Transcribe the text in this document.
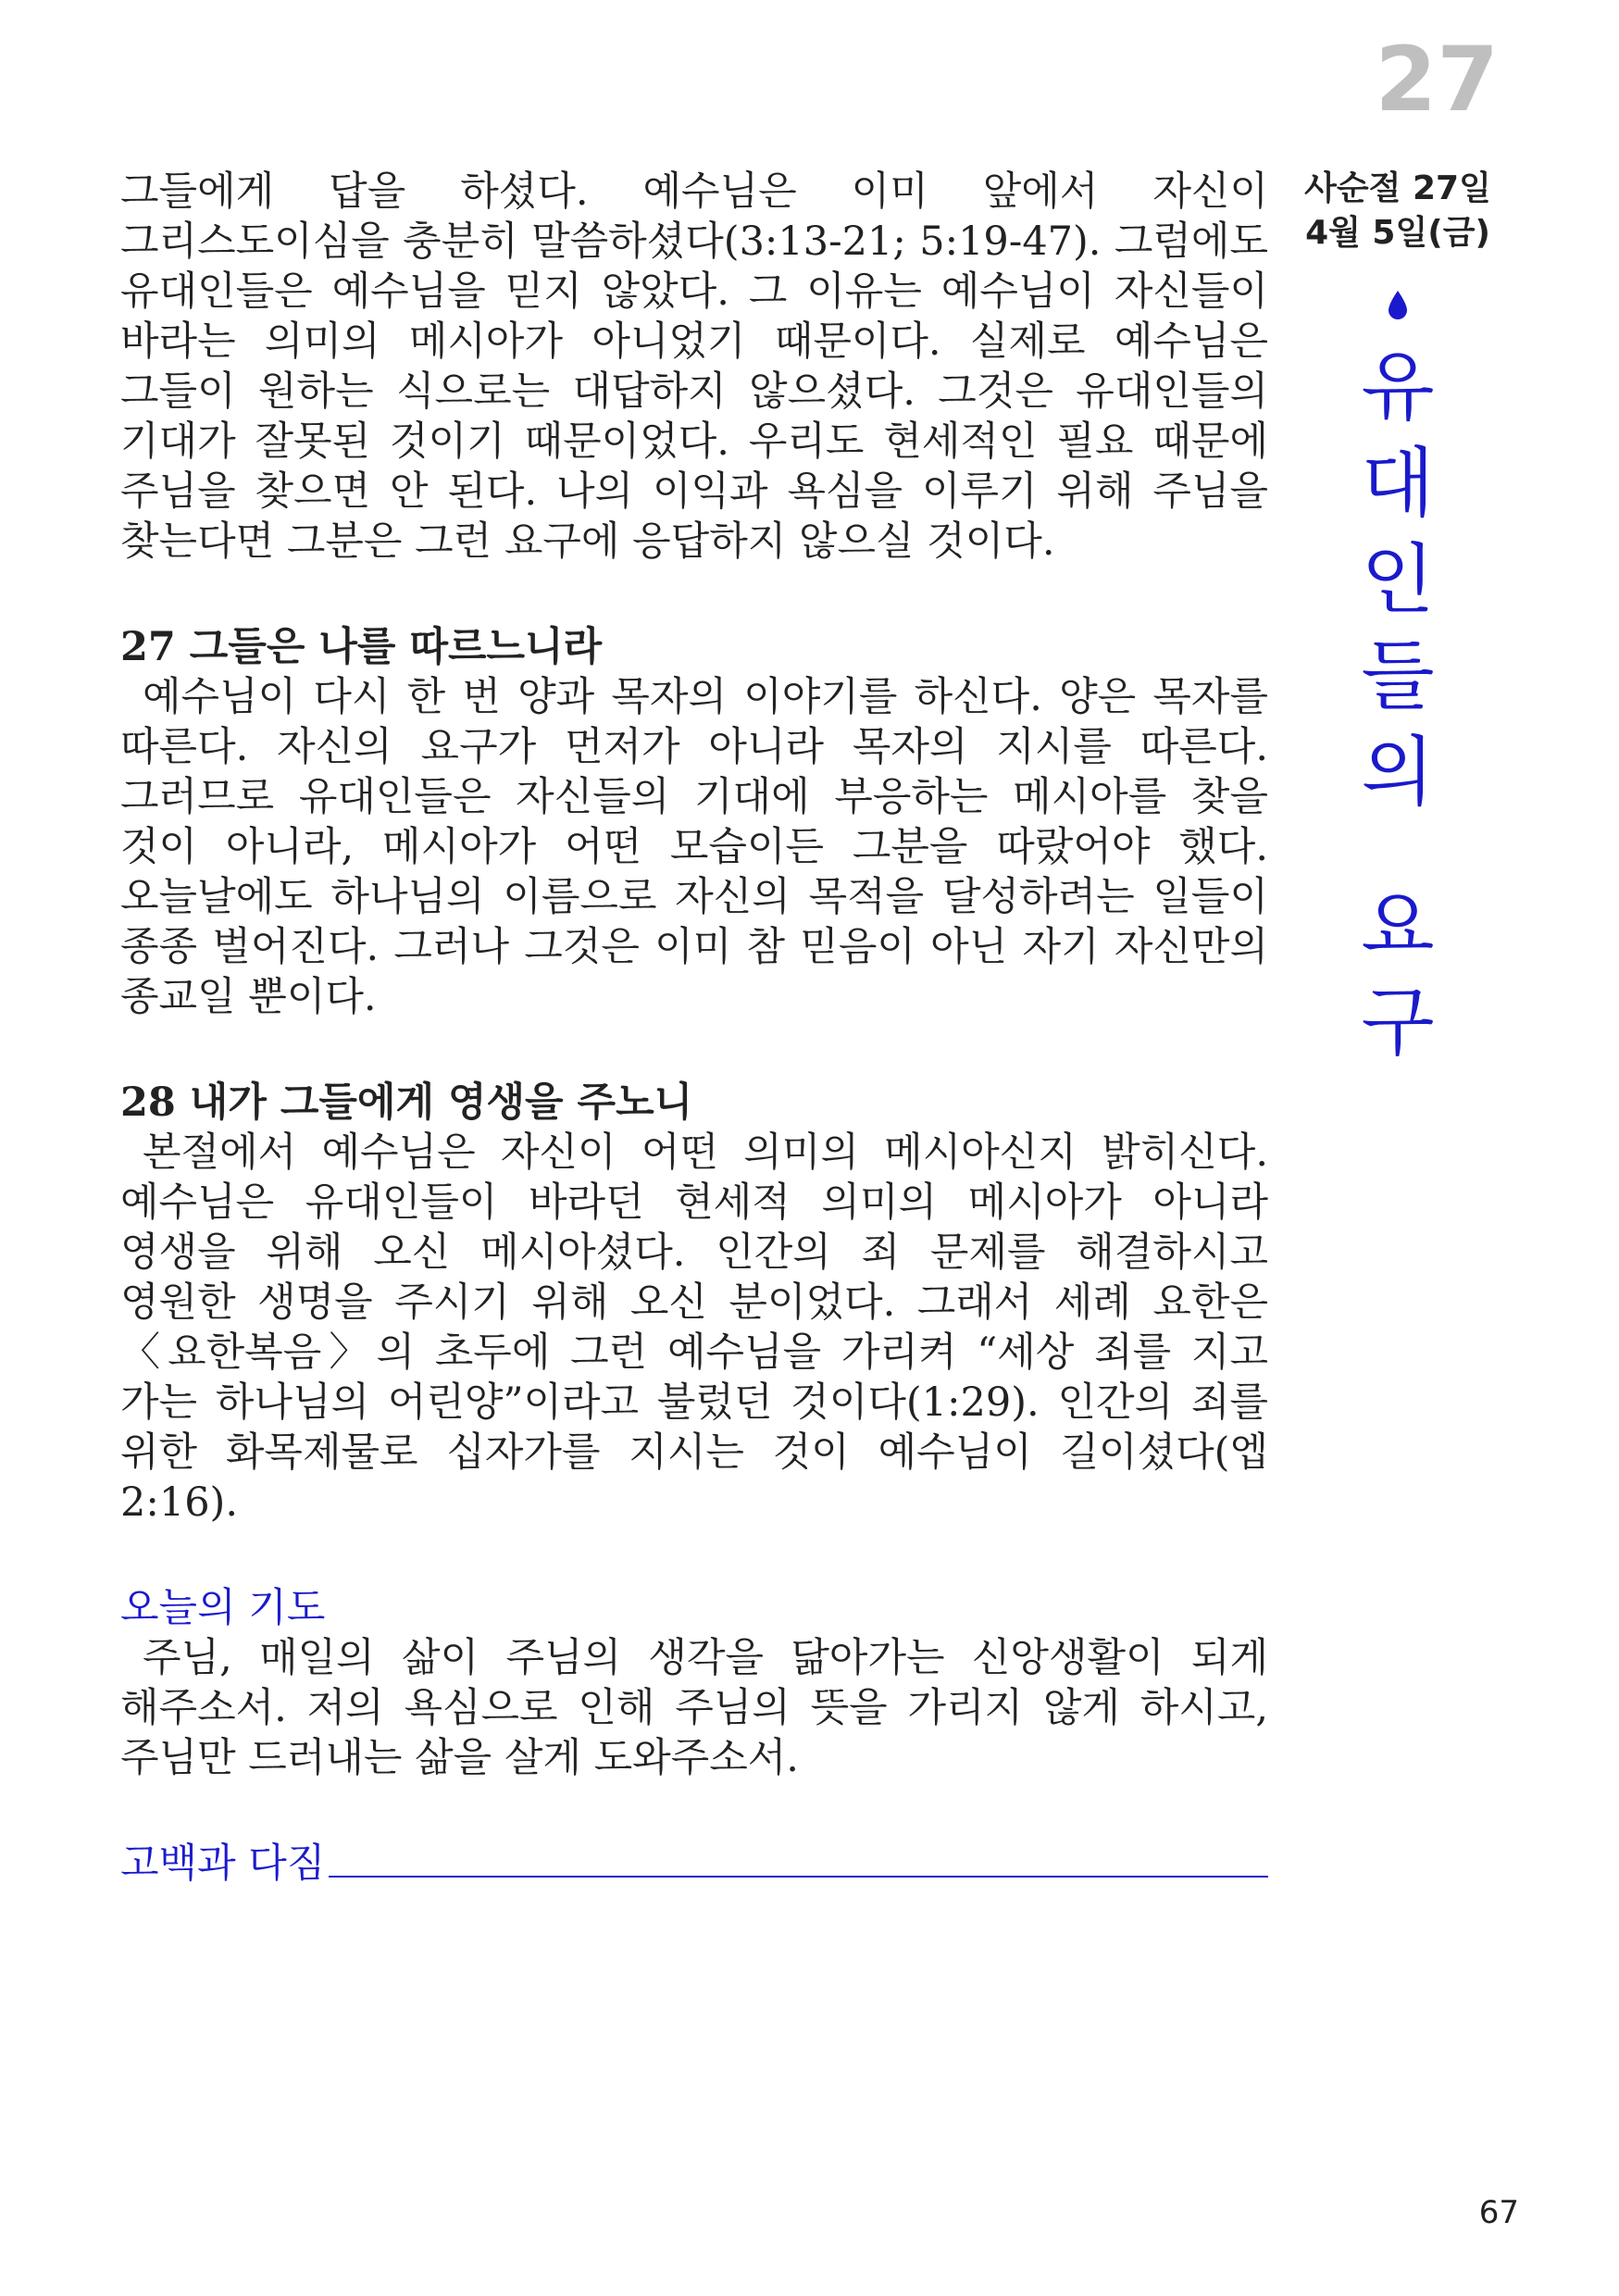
27

그들에게 답을 하셨다. 예수님은 이미 앞에서 자신이 그리스도이심을 충분히 말씀하셨다(3:13-21; 5:19-47). 그럼에도 유대인들은 예수님을 믿지 않았다. 그 이유는 예수님이 자신들이 바라는 의미의 메시아가 아니었기 때문이다. 실제로 예수님은 그들이 원하는 식으로는 대답하지 않으셨다. 그것은 유대인들의 기대가 잘못된 것이기 때문이었다. 우리도 현세적인 필요 때문에 주님을 찾으면 안 된다. 나의 이익과 욕심을 이루기 위해 주님을 찾는다면 그분은 그런 요구에 응답하지 않으실 것이다.

27 그들은 나를 따르느니라

예수님이 다시 한 번 양과 목자의 이야기를 하신다. 양은 목자를 따른다. 자신의 요구가 먼저가 아니라 목자의 지시를 따른다. 그러므로 유대인들은 자신들의 기대에 부응하는 메시아를 찾을 것이 아니라, 메시아가 어떤 모습이든 그분을 따랐어야 했다. 오늘날에도 하나님의 이름으로 자신의 목적을 달성하려는 일들이 종종 벌어진다. 그러나 그것은 이미 참 믿음이 아닌 자기 자신만의 종교일 뿐이다.

28 내가 그들에게 영생을 주노니

본절에서 예수님은 자신이 어떤 의미의 메시아신지 밝히신다. 예수님은 유대인들이 바라던 현세적 의미의 메시아가 아니라 영생을 위해 오신 메시아셨다. 인간의 죄 문제를 해결하시고 영원한 생명을 주시기 위해 오신 분이었다. 그래서 세례 요한은 〈요한복음〉의 초두에 그런 예수님을 가리켜 “세상 죄를 지고 가는 하나님의 어린양”이라고 불렀던 것이다(1:29). 인간의 죄를 위한 화목제물로 십자가를 지시는 것이 예수님이 길이셨다(엡 2:16).

오늘의 기도

주님, 매일의 삶이 주님의 생각을 닮아가는 신앙생활이 되게 해주소서. 저의 욕심으로 인해 주님의 뜻을 가리지 않게 하시고, 주님만 드러내는 삶을 살게 도와주소서.

고백과 다짐
사순절 27일
4월 5일(금)
유
대
인
들
의
요
구
67
